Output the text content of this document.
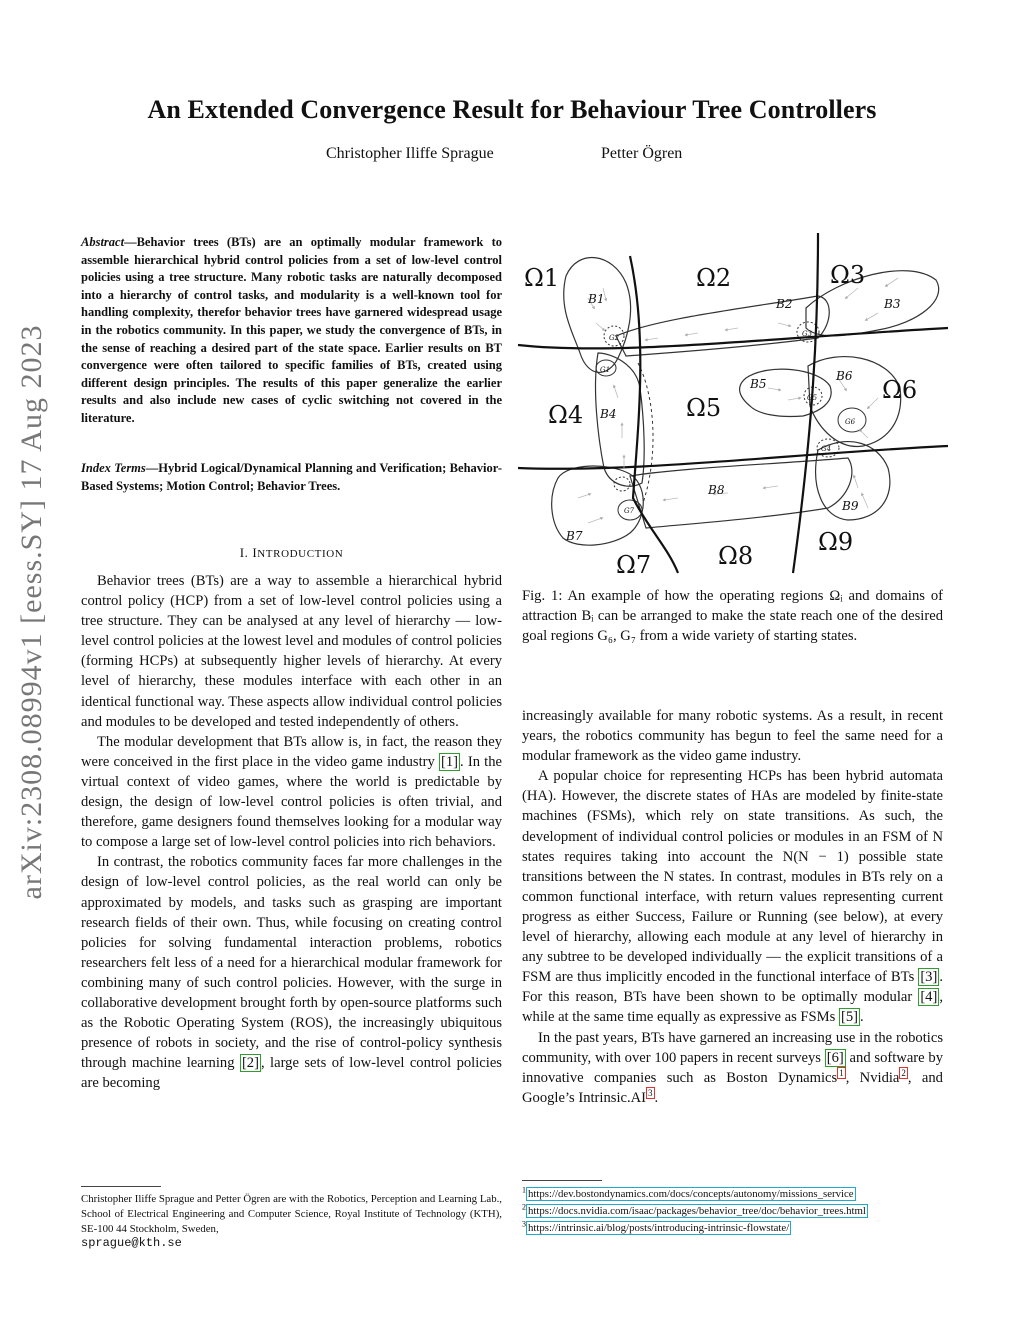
arXiv:2308.08994v1 [eess.SY] 17 Aug 2023
An Extended Convergence Result for Behaviour Tree Controllers
Christopher Iliffe Sprague	Petter Ögren
Abstract—Behavior trees (BTs) are an optimally modular framework to assemble hierarchical hybrid control policies from a set of low-level control policies using a tree structure. Many robotic tasks are naturally decomposed into a hierarchy of control tasks, and modularity is a well-known tool for handling complexity, therefor behavior trees have garnered widespread usage in the robotics community. In this paper, we study the convergence of BTs, in the sense of reaching a desired part of the state space. Earlier results on BT convergence were often tailored to specific families of BTs, created using different design principles. The results of this paper generalize the earlier results and also include new cases of cyclic switching not covered in the literature.
Index Terms—Hybrid Logical/Dynamical Planning and Verification; Behavior-Based Systems; Motion Control; Behavior Trees.
I. INTRODUCTION

Behavior trees (BTs) are a way to assemble a hierarchical hybrid control policy (HCP) from a set of low-level control policies using a tree structure. They can be analysed at any level of hierarchy — low-level control policies at the lowest level and modules of control policies (forming HCPs) at subsequently higher levels of hierarchy. At every level of hierarchy, these modules interface with each other in an identical functional way. These aspects allow individual control policies and modules to be developed and tested independently of others.

The modular development that BTs allow is, in fact, the reason they were conceived in the first place in the video game industry [1] . In the virtual context of video games, where the world is predictable by design, the design of low-level control policies is often trivial, and therefore, game designers found themselves looking for a modular way to compose a large set of low-level control policies into rich behaviors.

In contrast, the robotics community faces far more challenges in the design of low-level control policies, as the real world can only be approximated by models, and tasks such as grasping are important research fields of their own. Thus, while focusing on creating control policies for solving fundamental interaction problems, robotics researchers felt less of a need for a hierarchical modular framework for combining many of such control policies. However, with the surge in collaborative development brought forth by open-source platforms such as the Robotic Operating System (ROS), the increasingly ubiquitous presence of robots in society, and the rise of control-policy synthesis through machine learning [2] , large sets of low-level control policies are becoming

Ω1	Ω2	Ω3
Ω4	Ω5
Ω6
Ω7	Ω8	Ω9
B1	B2	B3
B4
B5
B6
B7
B8
B9
G1
G2	G3
G4
G5
G6
G7
Fig. 1: An example of how the operating regions Ωᵢ and domains of attraction Bᵢ can be arranged to make the state reach one of the desired goal regions G₆, G₇ from a wide variety of starting states.

increasingly available for many robotic systems. As a result, in recent years, the robotics community has begun to feel the same need for a modular framework as the video game industry.

A popular choice for representing HCPs has been hybrid automata (HA). However, the discrete states of HAs are modeled by finite-state machines (FSMs), which rely on state transitions. As such, the development of individual control policies or modules in an FSM of N states requires taking into account the N(N − 1) possible state transitions between the N states. In contrast, modules in BTs rely on a common functional interface, with return values representing current progress as either Success, Failure or Running (see below), at every level of hierarchy, allowing each module at any level of hierarchy in any subtree to be developed individually — the explicit transitions of a FSM are thus implicitly encoded in the functional interface of BTs [3] . For this reason, BTs have been shown to be optimally modular [4] , while at the same time equally as expressive as FSMs [5] .

In the past years, BTs have garnered an increasing use in the robotics community, with over 100 papers in recent surveys [6] and software by innovative companies such as Boston Dynamics $^1$ , Nvidia $^2$ , and Google’s Intrinsic.AI $^3$ .

Christopher Iliffe Sprague and Petter Ögren are with the Robotics, Perception and Learning Lab., School of Electrical Engineering and Computer Science, Royal Institute of Technology (KTH), SE-100 44 Stockholm, Sweden,
sprague@kth.se
$^1$ https://dev.bostondynamics.com/docs/concepts/autonomy/missions_service
$^2$ https://docs.nvidia.com/isaac/packages/behavior_tree/doc/behavior_trees.html
$^3$ https://intrinsic.ai/blog/posts/introducing-intrinsic-flowstate/
